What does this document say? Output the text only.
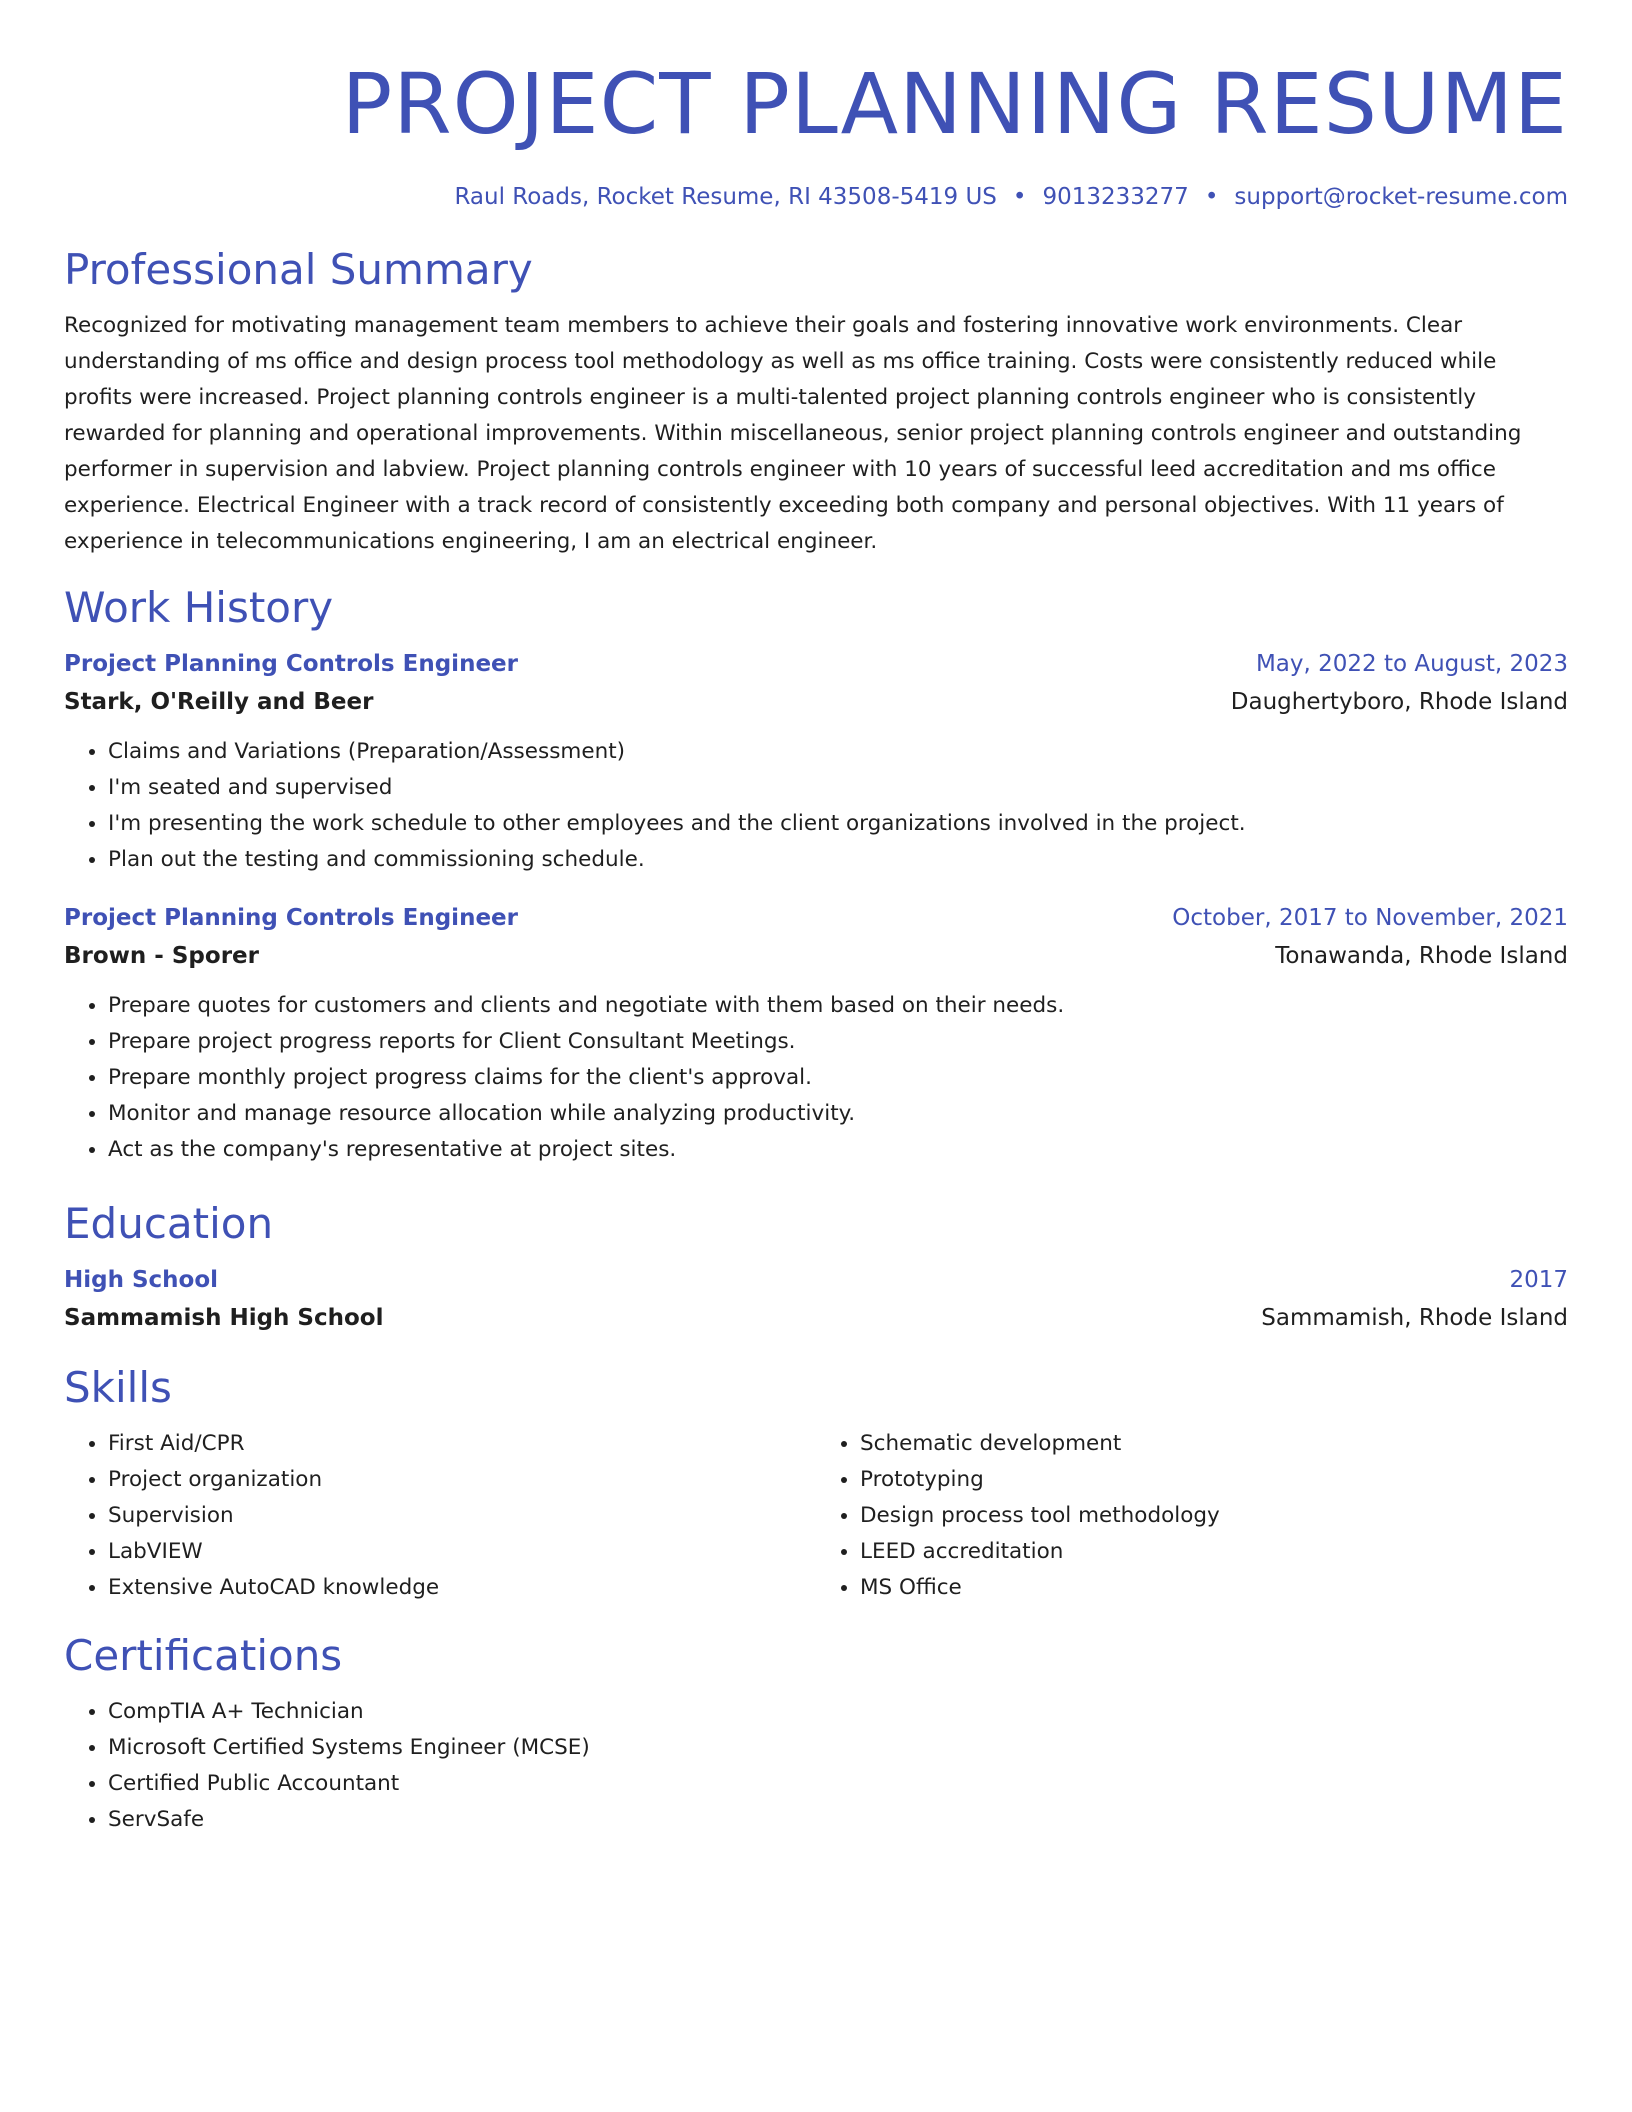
PROJECT PLANNING RESUME
Raul Roads, Rocket Resume, RI 43508-5419 US • 9013233277 • support@rocket-resume.com
Professional Summary
Recognized for motivating management team members to achieve their goals and fostering innovative work environments. Clear understanding of ms office and design process tool methodology as well as ms office training. Costs were consistently reduced while profits were increased. Project planning controls engineer is a multi-talented project planning controls engineer who is consistently rewarded for planning and operational improvements. Within miscellaneous, senior project planning controls engineer and outstanding performer in supervision and labview. Project planning controls engineer with 10 years of successful leed accreditation and ms office experience. Electrical Engineer with a track record of consistently exceeding both company and personal objectives. With 11 years of experience in telecommunications engineering, I am an electrical engineer.
Work History
Project Planning Controls Engineer	May, 2022 to August, 2023
Stark, O'Reilly and Beer	Daughertyboro, Rhode Island
• Claims and Variations (Preparation/Assessment)
• I'm seated and supervised
• I'm presenting the work schedule to other employees and the client organizations involved in the project.
• Plan out the testing and commissioning schedule.
Project Planning Controls Engineer	October, 2017 to November, 2021
Brown - Sporer	Tonawanda, Rhode Island
• Prepare quotes for customers and clients and negotiate with them based on their needs.
• Prepare project progress reports for Client Consultant Meetings.
• Prepare monthly project progress claims for the client's approval.
• Monitor and manage resource allocation while analyzing productivity.
• Act as the company's representative at project sites.
Education
High School	2017
Sammamish High School	Sammamish, Rhode Island
Skills
• First Aid/CPR
• Project organization
• Supervision
• LabVIEW
• Extensive AutoCAD knowledge
• Schematic development
• Prototyping
• Design process tool methodology
• LEED accreditation
• MS Office
Certifications
• CompTIA A+ Technician
• Microsoft Certified Systems Engineer (MCSE)
• Certified Public Accountant
• ServSafe
